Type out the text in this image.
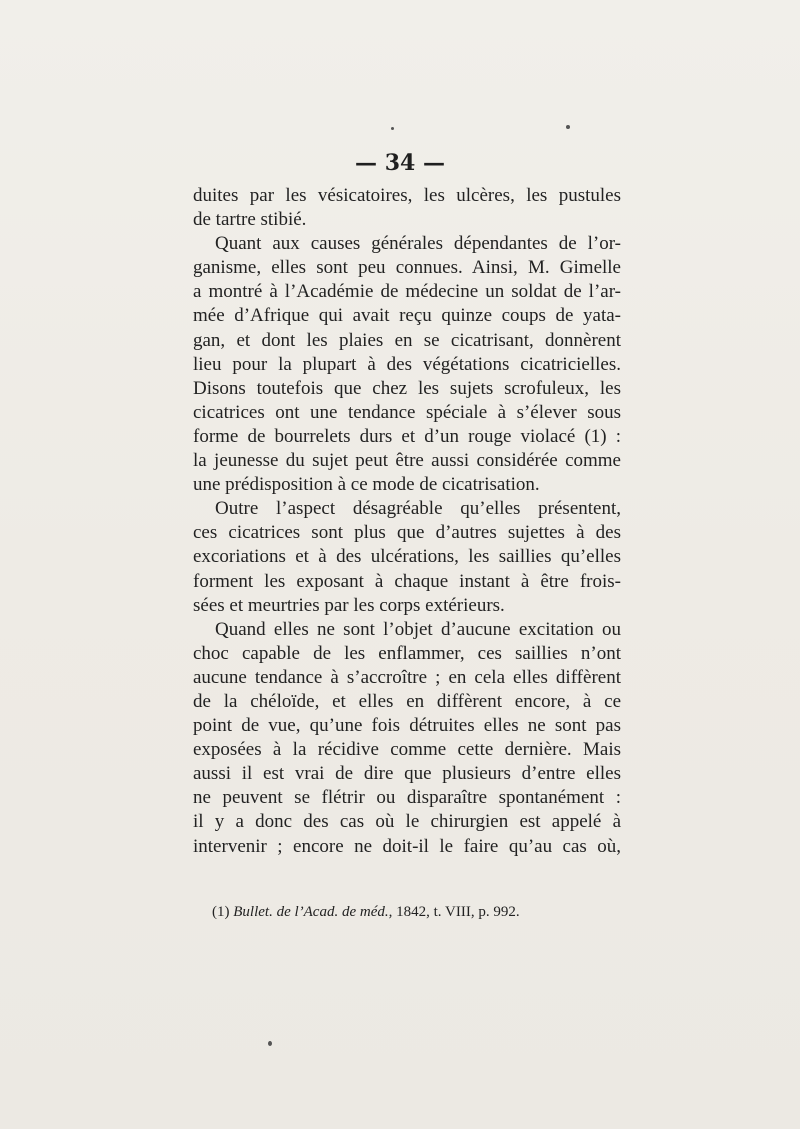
— 34 —
duites par les vésicatoires, les ulcères, les pustules
de tartre stibié.
Quant aux causes générales dépendantes de l’or-
ganisme, elles sont peu connues. Ainsi, M. Gimelle
a montré à l’Académie de médecine un soldat de l’ar-
mée d’Afrique qui avait reçu quinze coups de yata-
gan, et dont les plaies en se cicatrisant, donnèrent
lieu pour la plupart à des végétations cicatricielles.
Disons toutefois que chez les sujets scrofuleux, les
cicatrices ont une tendance spéciale à s’élever sous
forme de bourrelets durs et d’un rouge violacé (1) :
la jeunesse du sujet peut être aussi considérée comme
une prédisposition à ce mode de cicatrisation.
Outre l’aspect désagréable qu’elles présentent,
ces cicatrices sont plus que d’autres sujettes à des
excoriations et à des ulcérations, les saillies qu’elles
forment les exposant à chaque instant à être frois-
sées et meurtries par les corps extérieurs.
Quand elles ne sont l’objet d’aucune excitation ou
choc capable de les enflammer, ces saillies n’ont
aucune tendance à s’accroître ; en cela elles diffèrent
de la chéloïde, et elles en diffèrent encore, à ce
point de vue, qu’une fois détruites elles ne sont pas
exposées à la récidive comme cette dernière. Mais
aussi il est vrai de dire que plusieurs d’entre elles
ne peuvent se flétrir ou disparaître spontanément :
il y a donc des cas où le chirurgien est appelé à
intervenir ; encore ne doit-il le faire qu’au cas où,
(1) Bullet. de l’Acad. de méd., 1842, t. VIII, p. 992.
